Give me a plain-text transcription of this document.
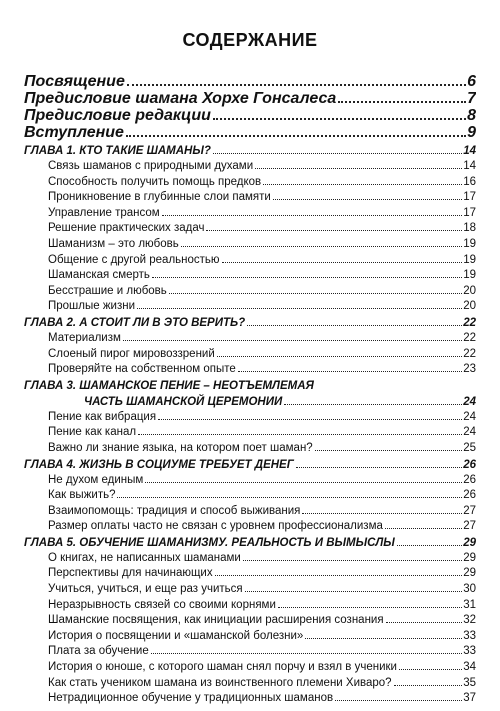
СОДЕРЖАНИЕ
Посвящение	6
Предисловие шамана Хорхе Гонсалеса	7
Предисловие редакции	8
Вступление	9
ГЛАВА 1. КТО ТАКИЕ ШАМАНЫ?	14
Связь шаманов с природными духами	14
Способность получить помощь предков	16
Проникновение в глубинные слои памяти	17
Управление трансом	17
Решение практических задач	18
Шаманизм – это любовь	19
Общение с другой реальностью	19
Шаманская смерть	19
Бесстрашие и любовь	20
Прошлые жизни	20
ГЛАВА 2. А СТОИТ ЛИ В ЭТО ВЕРИТЬ?	22
Материализм	22
Слоеный пирог мировоззрений	22
Проверяйте на собственном опыте	23
ГЛАВА 3. ШАМАНСКОЕ ПЕНИЕ – НЕОТЪЕМЛЕМАЯ
ЧАСТЬ ШАМАНСКОЙ ЦЕРЕМОНИИ	24
Пение как вибрация	24
Пение как канал	24
Важно ли знание языка, на котором поет шаман?	25
ГЛАВА 4. ЖИЗНЬ В СОЦИУМЕ ТРЕБУЕТ ДЕНЕГ	26
Не духом единым	26
Как выжить?	26
Взаимопомощь: традиция и способ выживания	27
Размер оплаты часто не связан с уровнем профессионализма	27
ГЛАВА 5. ОБУЧЕНИЕ ШАМАНИЗМУ. РЕАЛЬНОСТЬ И ВЫМЫСЛЫ	29
О книгах, не написанных шаманами	29
Перспективы для начинающих	29
Учиться, учиться, и еще раз учиться	30
Неразрывность связей со своими корнями	31
Шаманские посвящения, как инициации расширения сознания	32
История о посвящении и «шаманской болезни»	33
Плата за обучение	33
История о юноше, с которого шаман снял порчу и взял в ученики	34
Как стать учеником шамана из воинственного племени Хиваро?	35
Нетрадиционное обучение у традиционных шаманов	37
